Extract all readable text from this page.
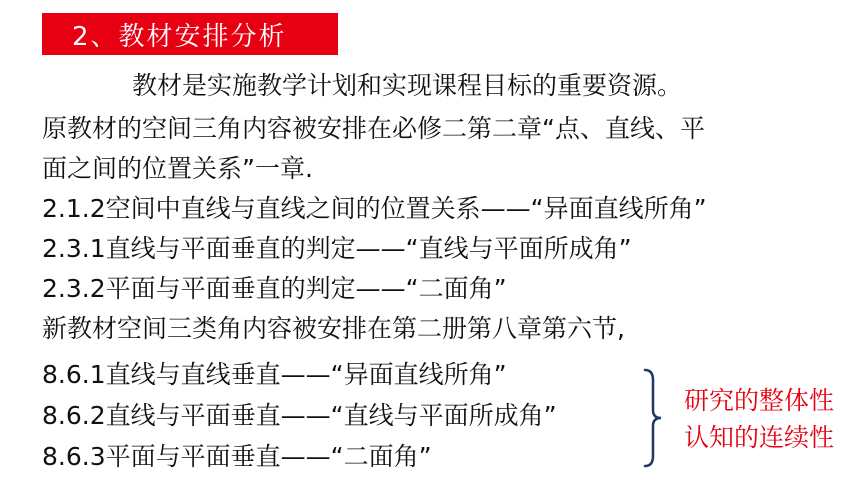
2、教材安排分析
教材是实施教学计划和实现课程目标的重要资源。
原教材的空间三角内容被安排在必修二第二章“点、直线、平
面之间的位置关系”一章.
2.1.2空间中直线与直线之间的位置关系——“异面直线所角”
2.3.1直线与平面垂直的判定——“直线与平面所成角”
2.3.2平面与平面垂直的判定——“二面角”
新教材空间三类角内容被安排在第二册第八章第六节,
8.6.1直线与直线垂直——“异面直线所角”
8.6.2直线与平面垂直——“直线与平面所成角”
8.6.3平面与平面垂直——“二面角”
研究的整体性
认知的连续性
